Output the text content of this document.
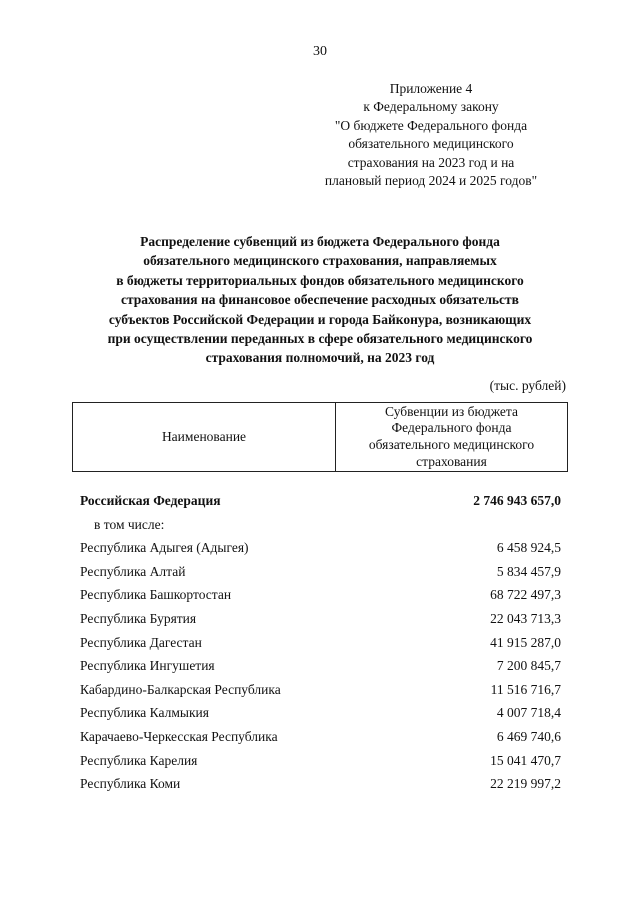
30
Приложение 4
к Федеральному закону
"О бюджете Федерального фонда
обязательного медицинского
страхования на 2023 год и на
плановый период 2024 и 2025 годов"
Распределение субвенций из бюджета Федерального фонда
обязательного медицинского страхования, направляемых
в бюджеты территориальных фондов обязательного медицинского
страхования на финансовое обеспечение расходных обязательств
субъектов Российской Федерации и города Байконура, возникающих
при осуществлении переданных в сфере обязательного медицинского
страхования полномочий, на 2023 год
(тыс. рублей)
Наименование	
Субвенции из бюджета
Федерального фонда
обязательного медицинского
страхования
Российская Федерация	2 746 943 657,0
в том числе:
Республика Адыгея (Адыгея)	6 458 924,5
Республика Алтай	5 834 457,9
Республика Башкортостан	68 722 497,3
Республика Бурятия	22 043 713,3
Республика Дагестан	41 915 287,0
Республика Ингушетия	7 200 845,7
Кабардино-Балкарская Республика	11 516 716,7
Республика Калмыкия	4 007 718,4
Карачаево-Черкесская Республика	6 469 740,6
Республика Карелия	15 041 470,7
Республика Коми	22 219 997,2
